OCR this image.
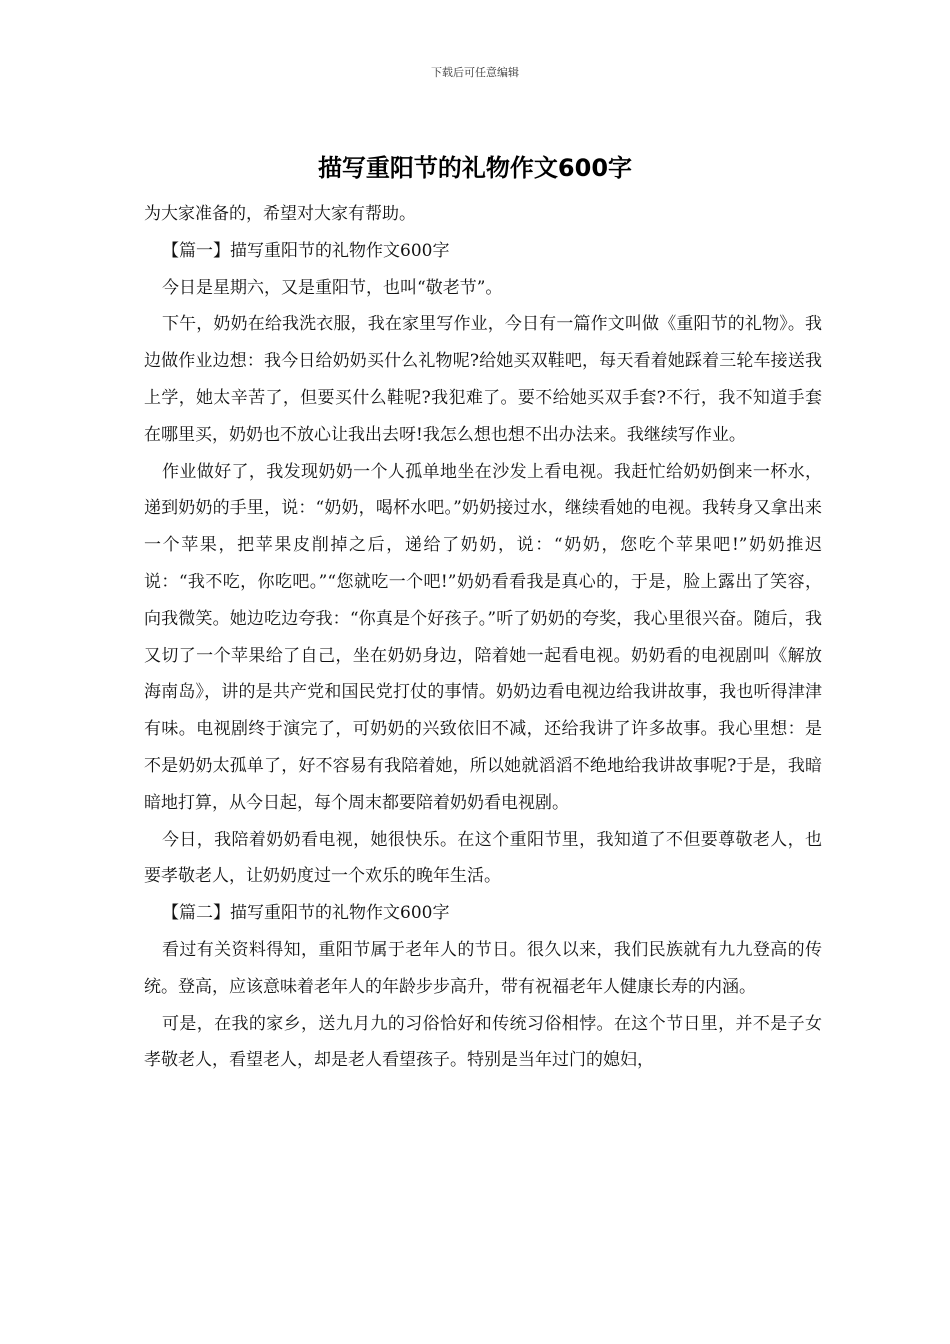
下载后可任意编辑
描写重阳节的礼物作文600字

为大家准备的，希望对大家有帮助。

【篇一】描写重阳节的礼物作文600字

今日是星期六，又是重阳节，也叫“敬老节”。

下午，奶奶在给我洗衣服，我在家里写作业，今日有一篇作文叫做《重阳节的礼物》。我边做作业边想：我今日给奶奶买什么礼物呢?给她买双鞋吧，每天看着她踩着三轮车接送我上学，她太辛苦了，但要买什么鞋呢?我犯难了。要不给她买双手套?不行，我不知道手套在哪里买，奶奶也不放心让我出去呀!我怎么想也想不出办法来。我继续写作业。

作业做好了，我发现奶奶一个人孤单地坐在沙发上看电视。我赶忙给奶奶倒来一杯水，递到奶奶的手里，说：“奶奶，喝杯水吧。”奶奶接过水，继续看她的电视。我转身又拿出来一个苹果，把苹果皮削掉之后，递给了奶奶，说：“奶奶，您吃个苹果吧!”奶奶推迟说：“我不吃，你吃吧。”“您就吃一个吧!”奶奶看看我是真心的，于是，脸上露出了笑容，向我微笑。她边吃边夸我：“你真是个好孩子。”听了奶奶的夸奖，我心里很兴奋。随后，我又切了一个苹果给了自己，坐在奶奶身边，陪着她一起看电视。奶奶看的电视剧叫《解放海南岛》，讲的是共产党和国民党打仗的事情。奶奶边看电视边给我讲故事，我也听得津津有味。电视剧终于演完了，可奶奶的兴致依旧不减，还给我讲了许多故事。我心里想：是不是奶奶太孤单了，好不容易有我陪着她，所以她就滔滔不绝地给我讲故事呢?于是，我暗暗地打算，从今日起，每个周末都要陪着奶奶看电视剧。

今日，我陪着奶奶看电视，她很快乐。在这个重阳节里，我知道了不但要尊敬老人，也要孝敬老人，让奶奶度过一个欢乐的晚年生活。

【篇二】描写重阳节的礼物作文600字

看过有关资料得知，重阳节属于老年人的节日。很久以来，我们民族就有九九登高的传统。登高，应该意味着老年人的年龄步步高升，带有祝福老年人健康长寿的内涵。

可是，在我的家乡，送九月九的习俗恰好和传统习俗相悖。在这个节日里，并不是子女孝敬老人，看望老人，却是老人看望孩子。特别是当年过门的媳妇，
